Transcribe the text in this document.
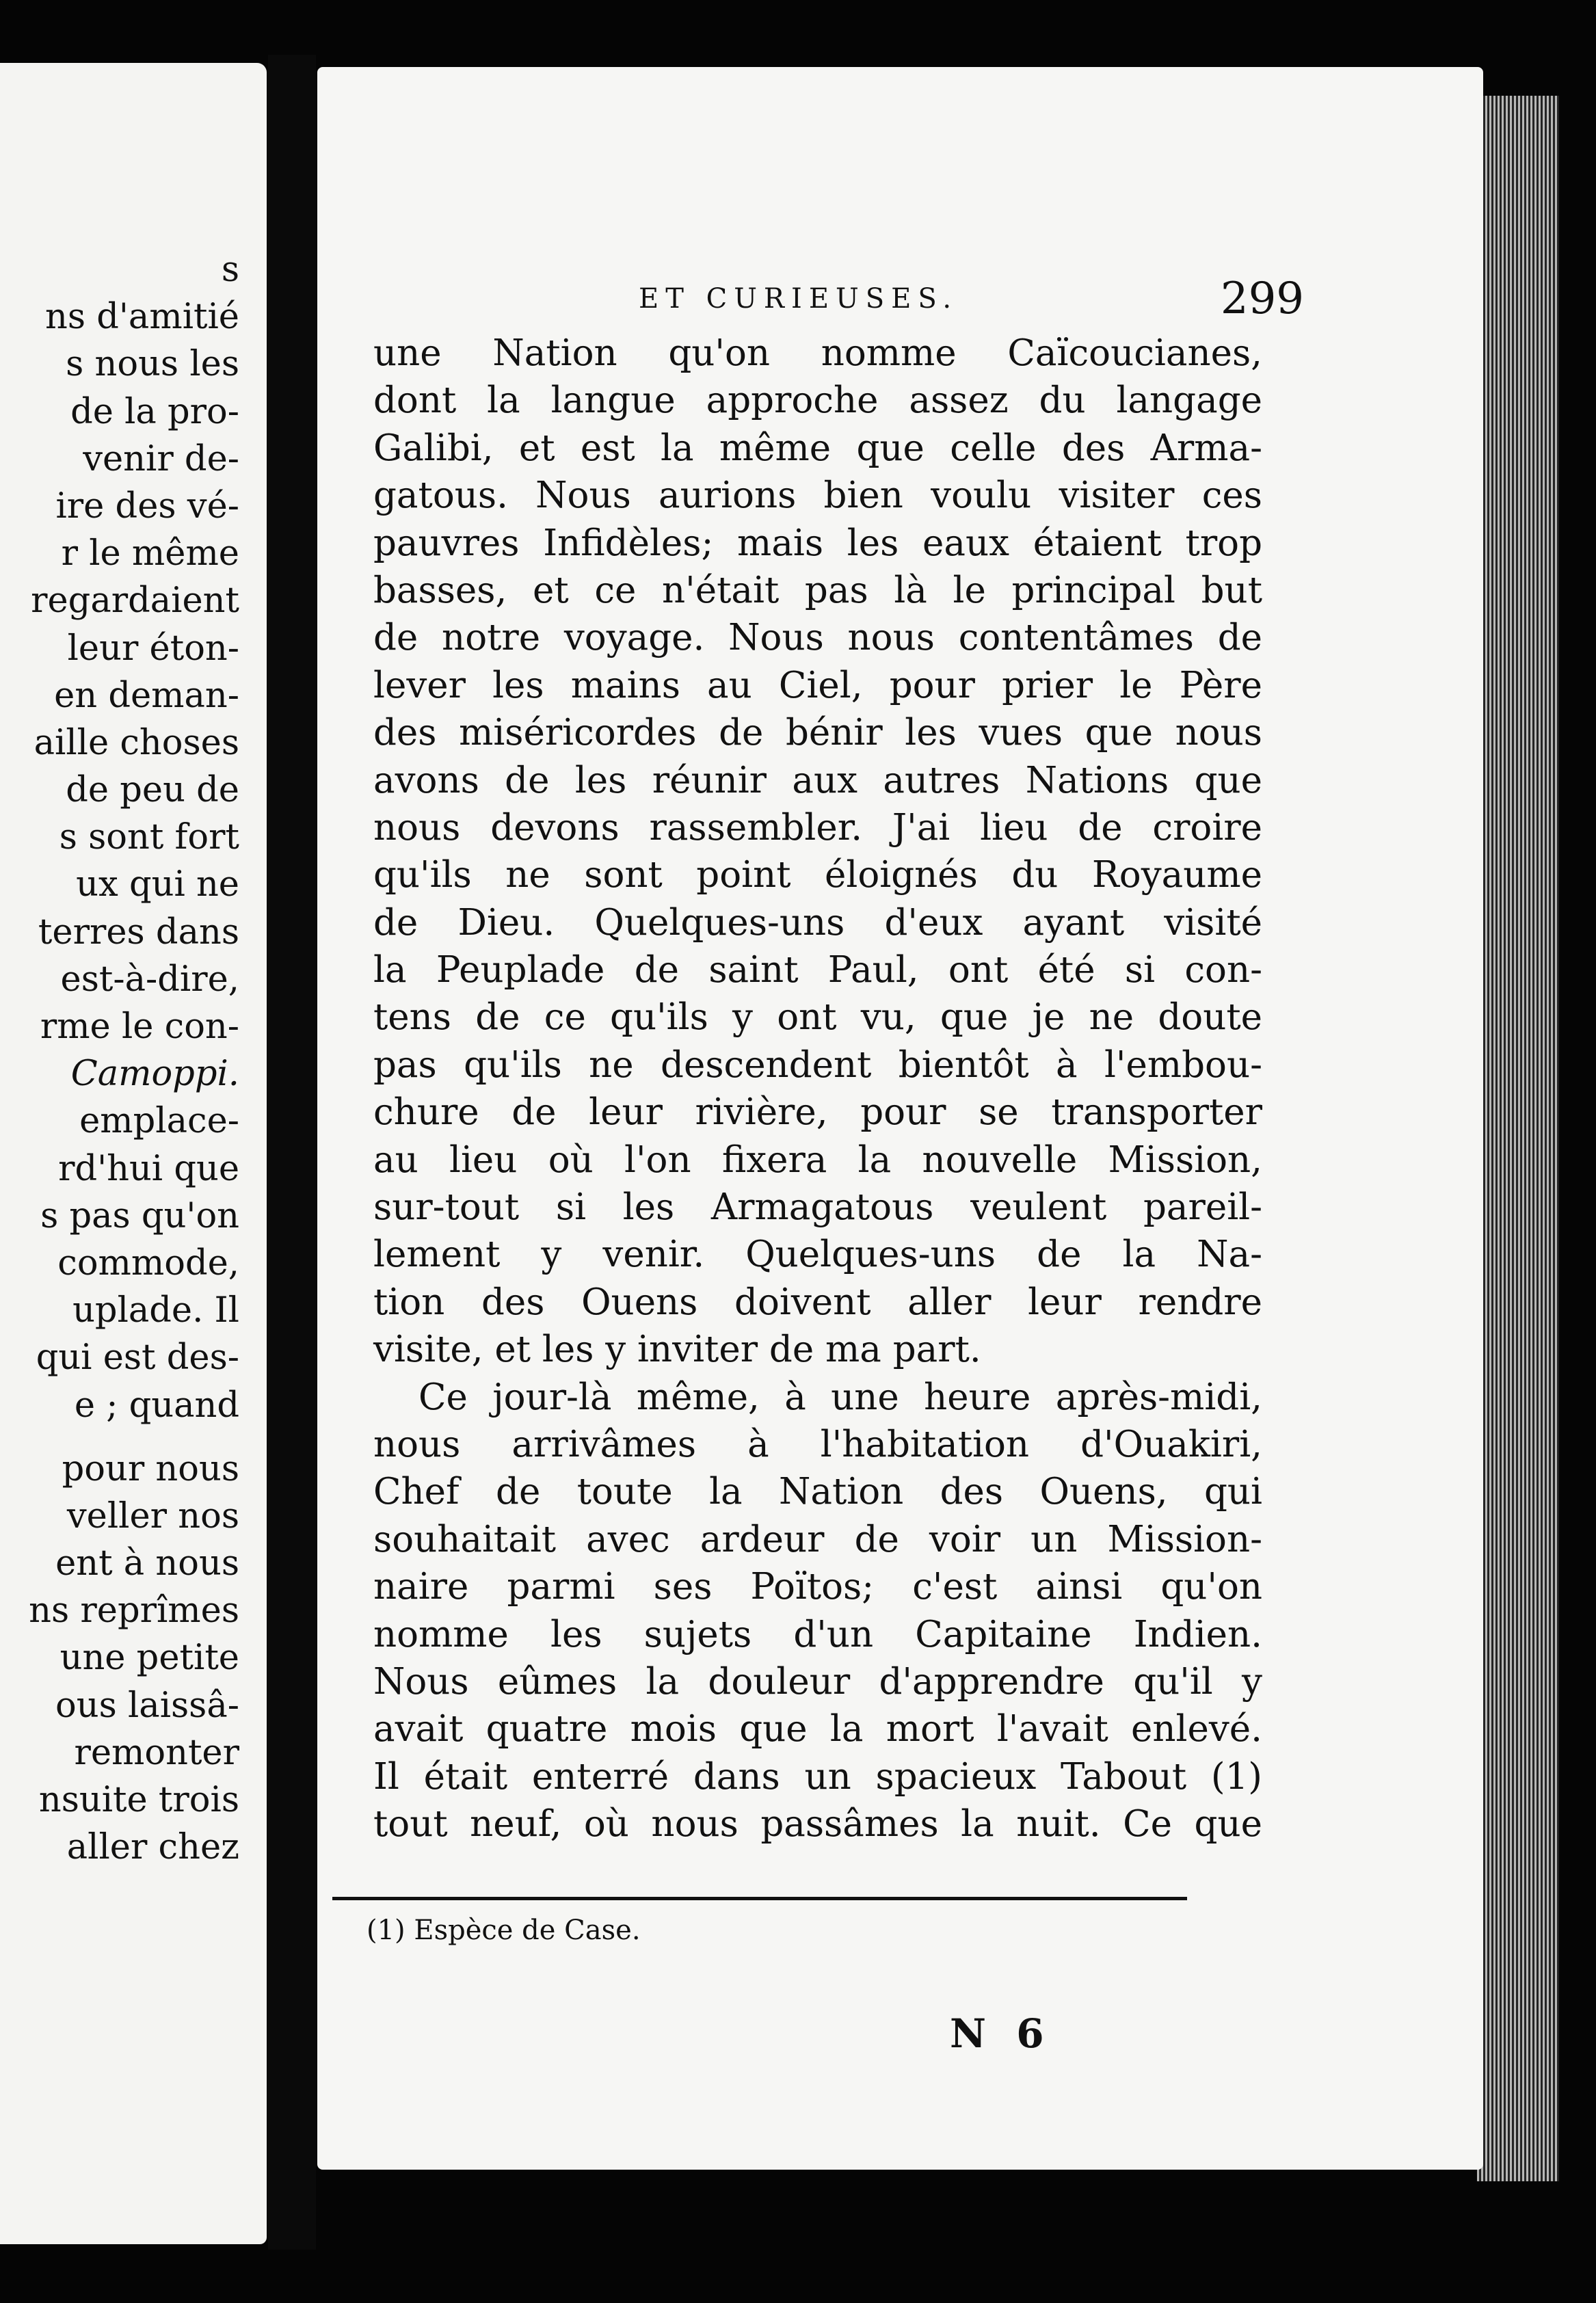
s
ns d'amitié
s nous les
de la pro-
venir de-
ire des vé-
r le même
regardaient
leur éton-
en deman-
aille choses
de peu de
s sont fort
ux qui ne
terres dans
est-à-dire,
rme le con-
Camoppi.
emplace-
rd'hui que
s pas qu'on
commode,
uplade. Il
qui est des-
e ; quand
pour nous
veller nos
ent à nous
ns reprîmes
une petite
ous laissâ-
remonter
nsuite trois
aller chez
ET CURIEUSES.	299
une Nation qu'on nomme Caïcoucianes,
dont la langue approche assez du langage
Galibi, et est la même que celle des Arma-
gatous. Nous aurions bien voulu visiter ces
pauvres Infidèles; mais les eaux étaient trop
basses, et ce n'était pas là le principal but
de notre voyage. Nous nous contentâmes de
lever les mains au Ciel, pour prier le Père
des miséricordes de bénir les vues que nous
avons de les réunir aux autres Nations que
nous devons rassembler. J'ai lieu de croire
qu'ils ne sont point éloignés du Royaume
de Dieu. Quelques-uns d'eux ayant visité
la Peuplade de saint Paul, ont été si con-
tens de ce qu'ils y ont vu, que je ne doute
pas qu'ils ne descendent bientôt à l'embou-
chure de leur rivière, pour se transporter
au lieu où l'on fixera la nouvelle Mission,
sur-tout si les Armagatous veulent pareil-
lement y venir. Quelques-uns de la Na-
tion des Ouens doivent aller leur rendre
visite, et les y inviter de ma part.
Ce jour-là même, à une heure après-midi,
nous arrivâmes à l'habitation d'Ouakiri,
Chef de toute la Nation des Ouens, qui
souhaitait avec ardeur de voir un Mission-
naire parmi ses Poïtos; c'est ainsi qu'on
nomme les sujets d'un Capitaine Indien.
Nous eûmes la douleur d'apprendre qu'il y
avait quatre mois que la mort l'avait enlevé.
Il était enterré dans un spacieux Tabout (1)
tout neuf, où nous passâmes la nuit. Ce que
(1) Espèce de Case.
N 6
